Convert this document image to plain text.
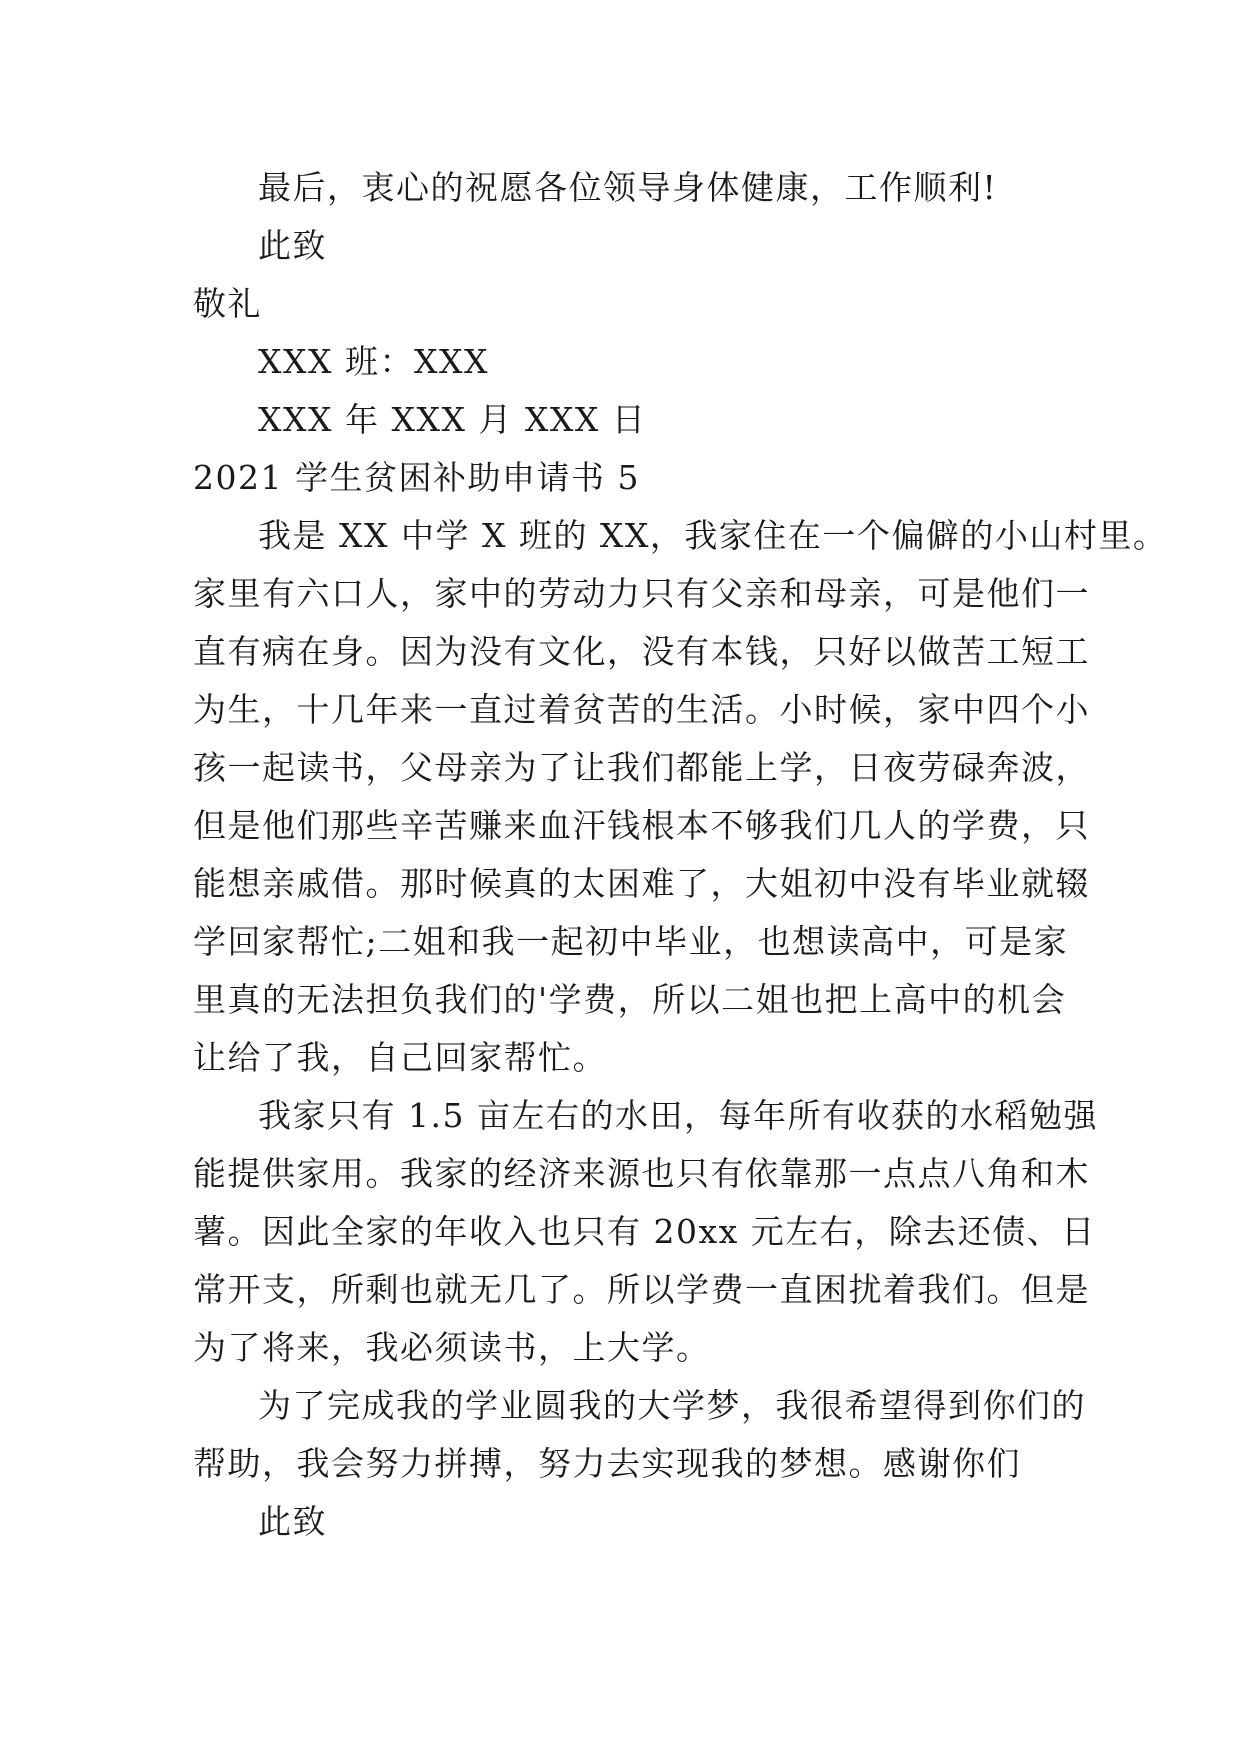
最后，衷心的祝愿各位领导身体健康，工作顺利!
此致
敬礼
XXX 班：XXX
XXX 年 XXX 月 XXX 日
2021 学生贫困补助申请书 5
我是 XX 中学 X 班的 XX，我家住在一个偏僻的小山村里。
家里有六口人，家中的劳动力只有父亲和母亲，可是他们一
直有病在身。因为没有文化，没有本钱，只好以做苦工短工
为生，十几年来一直过着贫苦的生活。小时候，家中四个小
孩一起读书，父母亲为了让我们都能上学，日夜劳碌奔波，
但是他们那些辛苦赚来血汗钱根本不够我们几人的学费，只
能想亲戚借。那时候真的太困难了，大姐初中没有毕业就辍
学回家帮忙;二姐和我一起初中毕业，也想读高中，可是家
里真的无法担负我们的'学费，所以二姐也把上高中的机会
让给了我，自己回家帮忙。
我家只有 1.5 亩左右的水田，每年所有收获的水稻勉强
能提供家用。我家的经济来源也只有依靠那一点点八角和木
薯。因此全家的年收入也只有 20xx 元左右，除去还债、日
常开支，所剩也就无几了。所以学费一直困扰着我们。但是
为了将来，我必须读书，上大学。
为了完成我的学业圆我的大学梦，我很希望得到你们的
帮助，我会努力拼搏，努力去实现我的梦想。感谢你们
此致
